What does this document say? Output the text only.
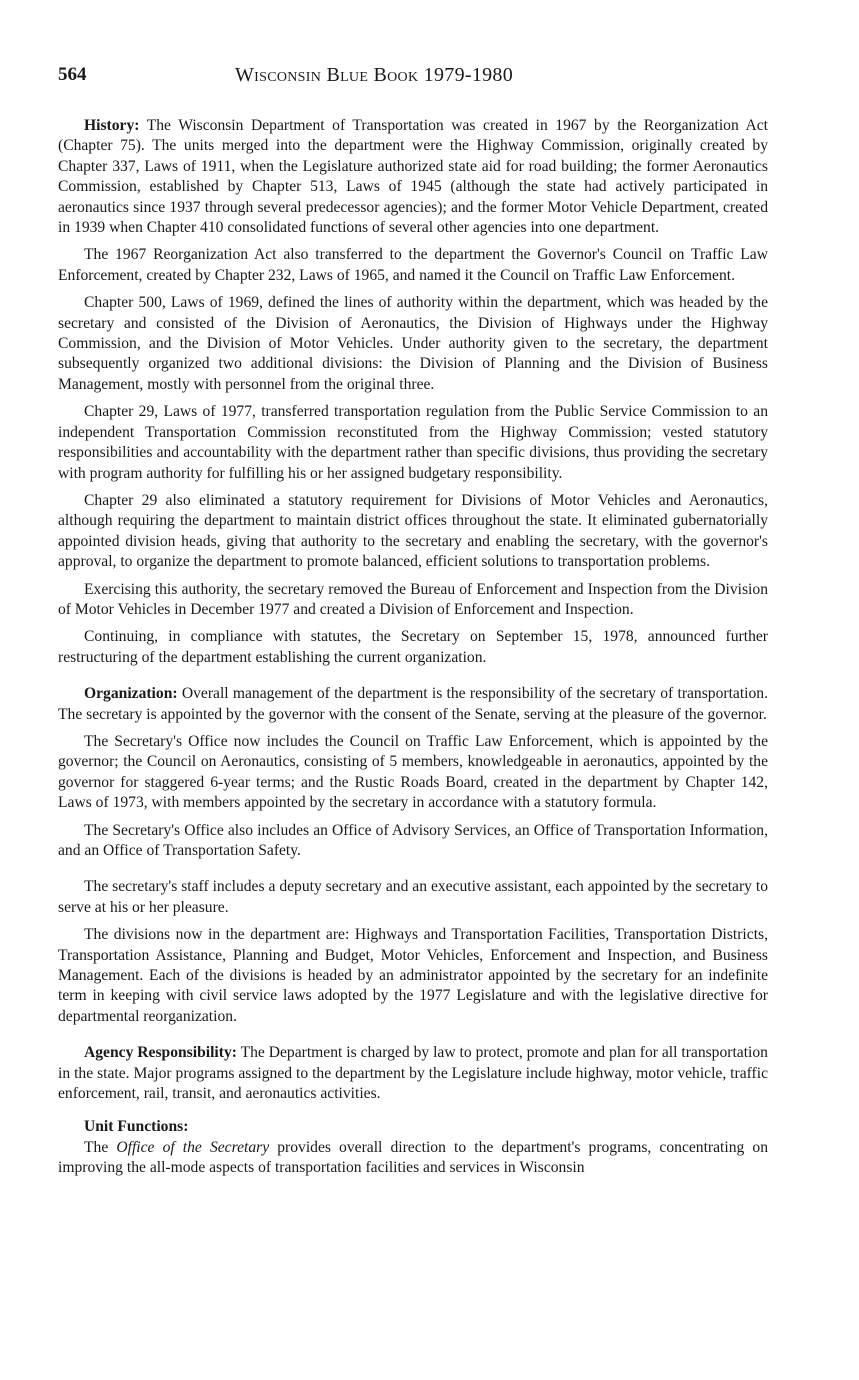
564	Wisconsin Blue Book 1979-1980

History: The Wisconsin Department of Transportation was created in 1967 by the Reorganization Act (Chapter 75). The units merged into the department were the Highway Commission, originally created by Chapter 337, Laws of 1911, when the Legislature authorized state aid for road building; the former Aeronautics Commission, established by Chapter 513, Laws of 1945 (although the state had actively participated in aeronautics since 1937 through several predecessor agencies); and the former Motor Vehicle Department, created in 1939 when Chapter 410 consolidated functions of several other agencies into one department.

The 1967 Reorganization Act also transferred to the department the Governor's Council on Traffic Law Enforcement, created by Chapter 232, Laws of 1965, and named it the Council on Traffic Law Enforcement.

Chapter 500, Laws of 1969, defined the lines of authority within the department, which was headed by the secretary and consisted of the Division of Aeronautics, the Division of Highways under the Highway Commission, and the Division of Motor Vehicles. Under authority given to the secretary, the department subsequently organized two additional divisions: the Division of Planning and the Division of Business Management, mostly with personnel from the original three.

Chapter 29, Laws of 1977, transferred transportation regulation from the Public Service Commission to an independent Transportation Commission reconstituted from the Highway Commission; vested statutory responsibilities and accountability with the department rather than specific divisions, thus providing the secretary with program authority for fulfilling his or her assigned budgetary responsibility.

Chapter 29 also eliminated a statutory requirement for Divisions of Motor Vehicles and Aeronautics, although requiring the department to maintain district offices throughout the state. It eliminated gubernatorially appointed division heads, giving that authority to the secretary and enabling the secretary, with the governor's approval, to organize the department to promote balanced, efficient solutions to transportation problems.

Exercising this authority, the secretary removed the Bureau of Enforcement and Inspection from the Division of Motor Vehicles in December 1977 and created a Division of Enforcement and Inspection.

Continuing, in compliance with statutes, the Secretary on September 15, 1978, announced further restructuring of the department establishing the current organization.

Organization: Overall management of the department is the responsibility of the secretary of transportation. The secretary is appointed by the governor with the consent of the Senate, serving at the pleasure of the governor.

The Secretary's Office now includes the Council on Traffic Law Enforcement, which is appointed by the governor; the Council on Aeronautics, consisting of 5 members, knowledgeable in aeronautics, appointed by the governor for staggered 6-year terms; and the Rustic Roads Board, created in the department by Chapter 142, Laws of 1973, with members appointed by the secretary in accordance with a statutory formula.

The Secretary's Office also includes an Office of Advisory Services, an Office of Transportation Information, and an Office of Transportation Safety.

The secretary's staff includes a deputy secretary and an executive assistant, each appointed by the secretary to serve at his or her pleasure.

The divisions now in the department are: Highways and Transportation Facilities, Transportation Districts, Transportation Assistance, Planning and Budget, Motor Vehicles, Enforcement and Inspection, and Business Management. Each of the divisions is headed by an administrator appointed by the secretary for an indefinite term in keeping with civil service laws adopted by the 1977 Legislature and with the legislative directive for departmental reorganization.

Agency Responsibility: The Department is charged by law to protect, promote and plan for all transportation in the state. Major programs assigned to the department by the Legislature include highway, motor vehicle, traffic enforcement, rail, transit, and aeronautics activities.

Unit Functions:

The Office of the Secretary provides overall direction to the department's programs, concentrating on improving the all-mode aspects of transportation facilities and services in Wisconsin
